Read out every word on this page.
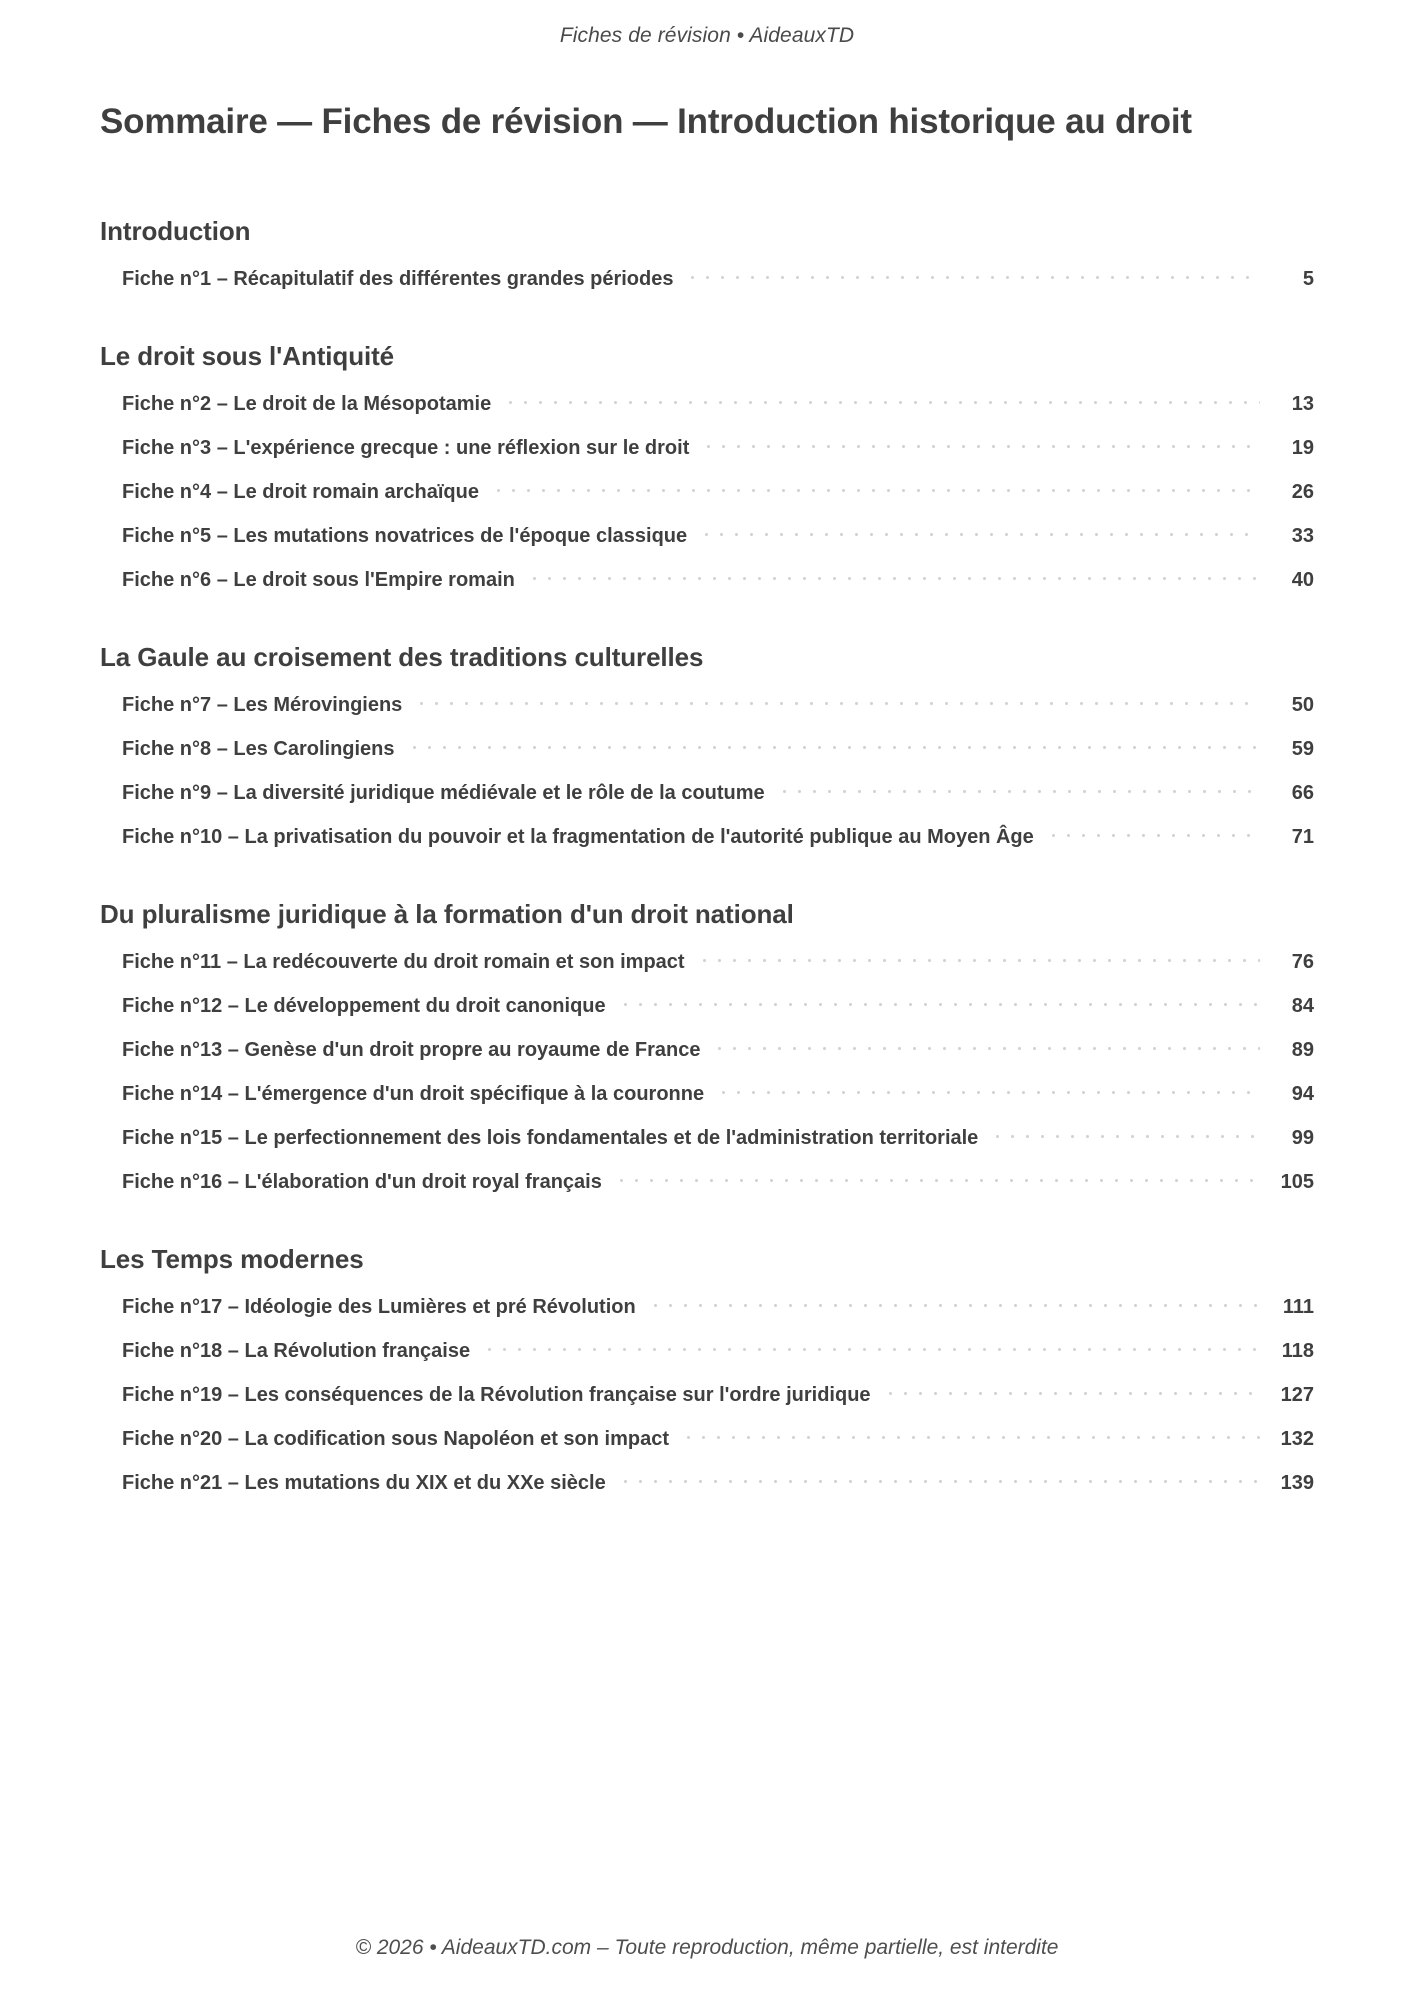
Fiches de révision • AideauxTD
Sommaire — Fiches de révision — Introduction historique au droit
Introduction
Fiche n°1 – Récapitulatif des différentes grandes périodes	5
Le droit sous l'Antiquité
Fiche n°2 – Le droit de la Mésopotamie	13
Fiche n°3 – L'expérience grecque : une réflexion sur le droit	19
Fiche n°4 – Le droit romain archaïque	26
Fiche n°5 – Les mutations novatrices de l'époque classique	33
Fiche n°6 – Le droit sous l'Empire romain	40
La Gaule au croisement des traditions culturelles
Fiche n°7 – Les Mérovingiens	50
Fiche n°8 – Les Carolingiens	59
Fiche n°9 – La diversité juridique médiévale et le rôle de la coutume	66
Fiche n°10 – La privatisation du pouvoir et la fragmentation de l'autorité publique au Moyen Âge	71
Du pluralisme juridique à la formation d'un droit national
Fiche n°11 – La redécouverte du droit romain et son impact	76
Fiche n°12 – Le développement du droit canonique	84
Fiche n°13 – Genèse d'un droit propre au royaume de France	89
Fiche n°14 – L'émergence d'un droit spécifique à la couronne	94
Fiche n°15 – Le perfectionnement des lois fondamentales et de l'administration territoriale	99
Fiche n°16 – L'élaboration d'un droit royal français	105
Les Temps modernes
Fiche n°17 – Idéologie des Lumières et pré Révolution	111
Fiche n°18 – La Révolution française	118
Fiche n°19 – Les conséquences de la Révolution française sur l'ordre juridique	127
Fiche n°20 – La codification sous Napoléon et son impact	132
Fiche n°21 – Les mutations du XIX et du XXe siècle	139
© 2026 • AideauxTD.com – Toute reproduction, même partielle, est interdite
